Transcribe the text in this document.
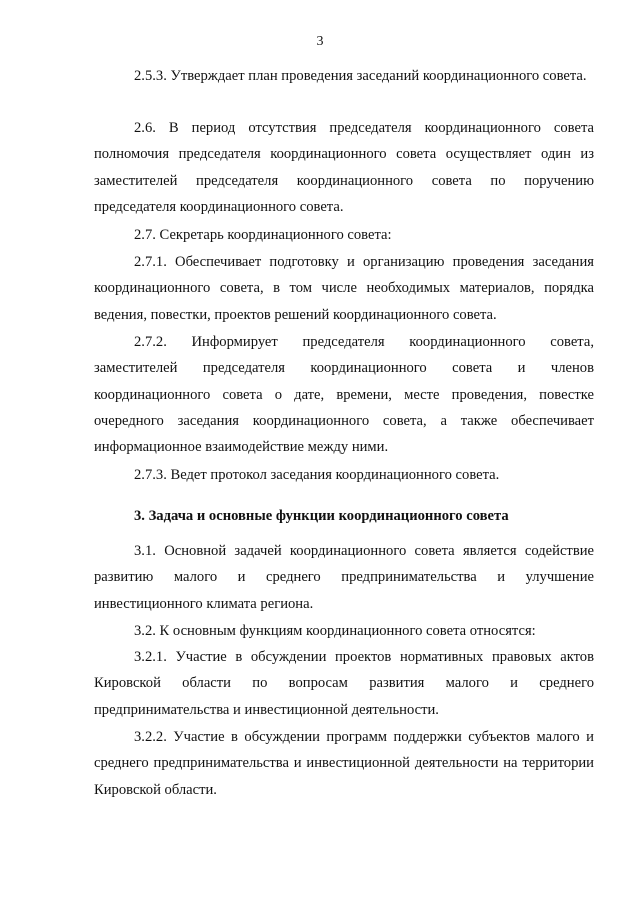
3

2.5.3. Утверждает план проведения заседаний координационного совета.

2.6. В период отсутствия председателя координационного совета полномочия председателя координационного совета осуществляет один из заместителей председателя координационного совета по поручению председателя координационного совета.

2.7. Секретарь координационного совета:

2.7.1. Обеспечивает подготовку и организацию проведения заседания координационного совета, в том числе необходимых материалов, порядка ведения, повестки, проектов решений координационного совета.

2.7.2. Информирует председателя координационного совета, заместителей председателя координационного совета и членов координационного совета о дате, времени, месте проведения, повестке очередного заседания координационного совета, а также обеспечивает информационное взаимодействие между ними.

2.7.3. Ведет протокол заседания координационного совета.

3. Задача и основные функции координационного совета

3.1. Основной задачей координационного совета является содействие развитию малого и среднего предпринимательства и улучшение инвестиционного климата региона.

3.2. К основным функциям координационного совета относятся:

3.2.1. Участие в обсуждении проектов нормативных правовых актов Кировской области по вопросам развития малого и среднего предпринимательства и инвестиционной деятельности.

3.2.2. Участие в обсуждении программ поддержки субъектов малого и среднего предпринимательства и инвестиционной деятельности на территории Кировской области.
